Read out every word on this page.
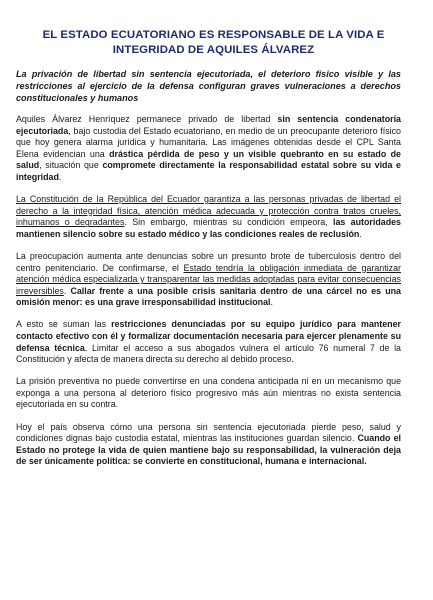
EL ESTADO ECUATORIANO ES RESPONSABLE DE LA VIDA E
INTEGRIDAD DE AQUILES ÁLVAREZ
La privación de libertad sin sentencia ejecutoriada, el deterioro físico visible y las restricciones al ejercicio de la defensa configuran graves vulneraciones a derechos constitucionales y humanos

Aquiles Álvarez Henríquez permanece privado de libertad sin sentencia condenatoria ejecutoriada, bajo custodia del Estado ecuatoriano, en medio de un preocupante deterioro físico que hoy genera alarma jurídica y humanitaria. Las imágenes obtenidas desde el CPL Santa Elena evidencian una drástica pérdida de peso y un visible quebranto en su estado de salud, situación que compromete directamente la responsabilidad estatal sobre su vida e integridad.

La Constitución de la República del Ecuador garantiza a las personas privadas de libertad el derecho a la integridad física, atención médica adecuada y protección contra tratos crueles, inhumanos o degradantes. Sin embargo, mientras su condición empeora, las autoridades mantienen silencio sobre su estado médico y las condiciones reales de reclusión.

La preocupación aumenta ante denuncias sobre un presunto brote de tuberculosis dentro del centro penitenciario. De confirmarse, el Estado tendría la obligación inmediata de garantizar atención médica especializada y transparentar las medidas adoptadas para evitar consecuencias irreversibles. Callar frente a una posible crisis sanitaria dentro de una cárcel no es una omisión menor: es una grave irresponsabilidad institucional.

A esto se suman las restricciones denunciadas por su equipo jurídico para mantener contacto efectivo con él y formalizar documentación necesaria para ejercer plenamente su defensa técnica. Limitar el acceso a sus abogados vulnera el artículo 76 numeral 7 de la Constitución y afecta de manera directa su derecho al debido proceso.

La prisión preventiva no puede convertirse en una condena anticipada ni en un mecanismo que exponga a una persona al deterioro físico progresivo más aún mientras no exista sentencia ejecutoriada en su contra.

Hoy el país observa cómo una persona sin sentencia ejecutoriada pierde peso, salud y condiciones dignas bajo custodia estatal, mientras las instituciones guardan silencio. Cuando el Estado no protege la vida de quien mantiene bajo su responsabilidad, la vulneración deja de ser únicamente política: se convierte en constitucional, humana e internacional.
